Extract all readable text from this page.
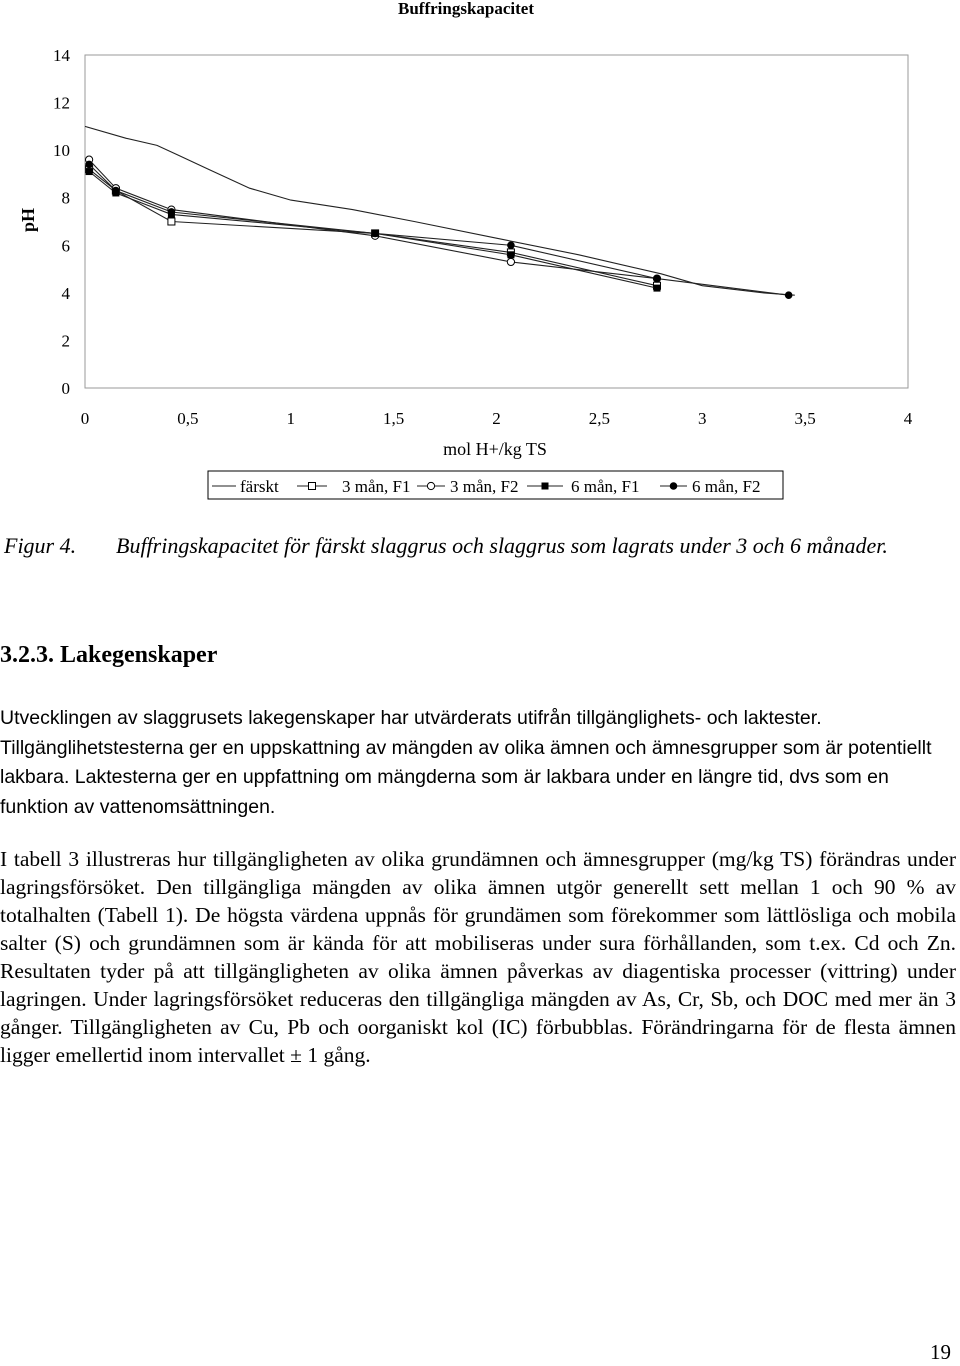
Buffringskapacitet
pH
mol H+/kg TS
0
2
4
6
8
10
12
14
0	0,5	1	1,5	2	2,5	3	3,5	4
färskt	3 mån, F1 3 mån, F2	6 mån, F1	6 mån, F2
Figur 4. Buffringskapacitet för färskt slaggrus och slaggrus som lagrats under 3 och 6 månader.
3.2.3. Lakegenskaper

Utvecklingen av slaggrusets lakegenskaper har utvärderats utifrån tillgänglighets- och laktester. Tillgänglihetstesterna ger en uppskattning av mängden av olika ämnen och ämnesgrupper som är potentiellt lakbara. Laktesterna ger en uppfattning om mängderna som är lakbara under en längre tid, dvs som en funktion av vattenomsättningen.

I tabell 3 illustreras hur tillgängligheten av olika grundämnen och ämnesgrupper (mg/kg TS) förändras under lagringsförsöket. Den tillgängliga mängden av olika ämnen utgör generellt sett mellan 1 och 90 % av totalhalten (Tabell 1). De högsta värdena uppnås för grundämen som förekommer som lättlösliga och mobila salter (S) och grundämnen som är kända för att mobiliseras under sura förhållanden, som t.ex. Cd och Zn. Resultaten tyder på att tillgängligheten av olika ämnen påverkas av diagentiska processer (vittring) under lagringen. Under lagringsförsöket reduceras den tillgängliga mängden av As, Cr, Sb, och DOC med mer än 3 gånger. Tillgängligheten av Cu, Pb och oorganiskt kol (IC) förbubblas. Förändringarna för de flesta ämnen ligger emellertid inom intervallet ± 1 gång.

19
